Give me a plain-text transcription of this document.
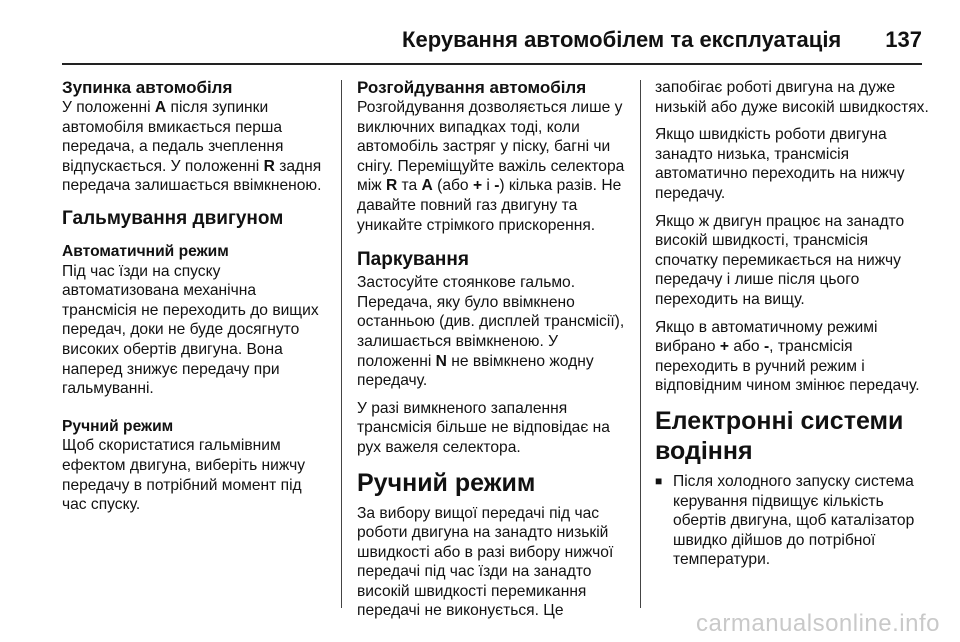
Керування автомобілем та експлуатація 137
Зупинка автомобіля

У положенні A після зупинки автомобіля вмикається перша передача, а педаль зчеплення відпускається. У положенні R задня передача залишається ввімкненою.

Гальмування двигуном
Автоматичний режим

Під час їзди на спуску автоматизована механічна трансмісія не переходить до вищих передач, доки не буде досягнуто високих обертів двигуна. Вона наперед знижує передачу при гальмуванні.

Ручний режим

Щоб скористатися гальмівним ефектом двигуна, виберіть нижчу передачу в потрібний момент під час спуску.

Розгойдування автомобіля

Розгойдування дозволяється лише у виключних випадках тоді, коли автомобіль застряг у піску, багні чи снігу. Переміщуйте важіль селектора між R та A (або + і -) кілька разів. Не давайте повний газ двигуну та уникайте стрімкого прискорення.

Паркування

Застосуйте стоянкове гальмо. Передача, яку було ввімкнено останньою (див. дисплей трансмісії), залишається ввімкненою. У положенні N не ввімкнено жодну передачу.

У разі вимкненого запалення трансмісія більше не відповідає на рух важеля селектора.

Ручний режим

За вибору вищої передачі під час роботи двигуна на занадто низькій швидкості або в разі вибору нижчої передачі під час їзди на занадто високій швидкості перемикання передачі не виконується. Це

запобігає роботі двигуна на дуже низькій або дуже високій швидкостях.

Якщо швидкість роботи двигуна занадто низька, трансмісія автоматично переходить на нижчу передачу.

Якщо ж двигун працює на занадто високій швидкості, трансмісія спочатку перемикається на нижчу передачу і лише після цього переходить на вищу.

Якщо в автоматичному режимі вибрано + або -, трансмісія переходить в ручний режим і відповідним чином змінює передачу.

Електронні системи водіння
■ Після холодного запуску система керування підвищує кількість обертів двигуна, щоб каталізатор швидко дійшов до потрібної температури.
carmanualsonline.info
